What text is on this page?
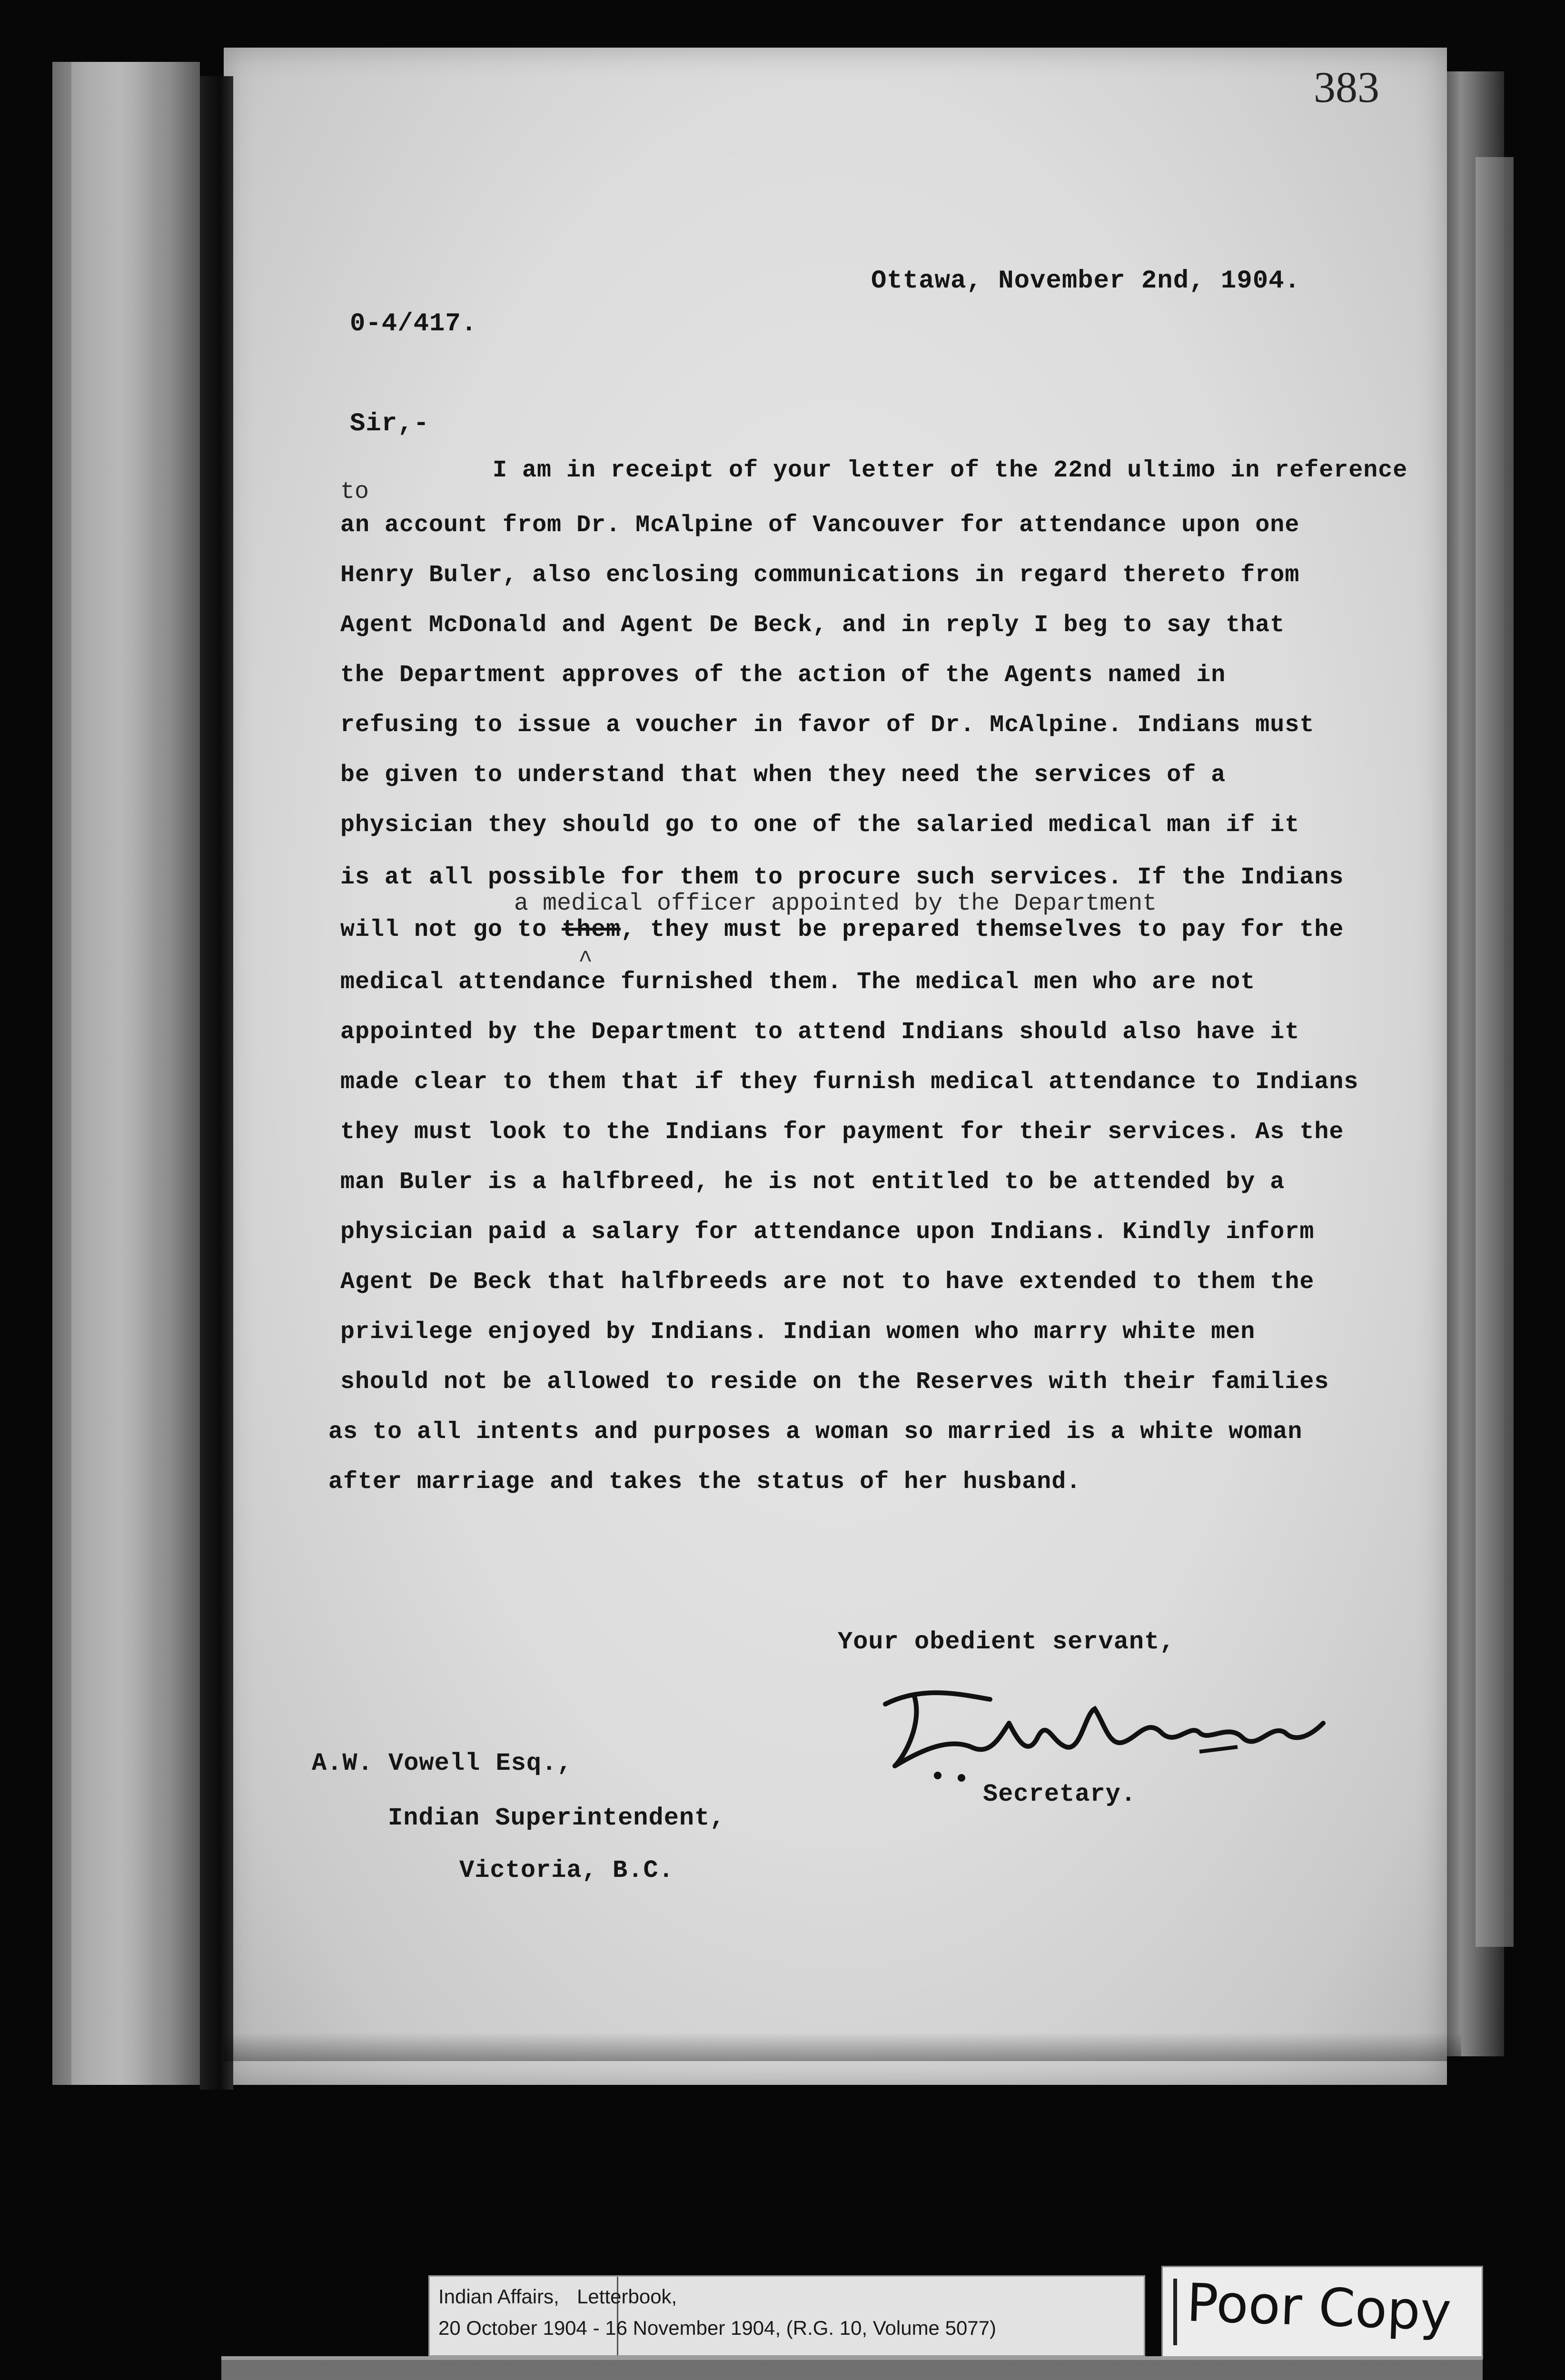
383
Ottawa, November 2nd, 1904.
0-4/417.
Sir,-
I am in receipt of your letter of the 22nd ultimo in reference
to
an account from Dr. McAlpine of Vancouver for attendance upon one
Henry Buler, also enclosing communications in regard thereto from
Agent McDonald and Agent De Beck, and in reply I beg to say that
the Department approves of the action of the Agents named in
refusing to issue a voucher in favor of Dr. McAlpine. Indians must
be given to understand that when they need the services of a
physician they should go to one of the salaried medical man if it
is at all possible for them to procure such services. If the Indians
a medical officer appointed by the Department
will not go to them, they must be prepared themselves to pay for the
^
medical attendance furnished them. The medical men who are not
appointed by the Department to attend Indians should also have it
made clear to them that if they furnish medical attendance to Indians
they must look to the Indians for payment for their services. As the
man Buler is a halfbreed, he is not entitled to be attended by a
physician paid a salary for attendance upon Indians. Kindly inform
Agent De Beck that halfbreeds are not to have extended to them the
privilege enjoyed by Indians. Indian women who marry white men
should not be allowed to reside on the Reserves with their families
as to all intents and purposes a woman so married is a white woman
after marriage and takes the status of her husband.
Your obedient servant,
Secretary.
A.W. Vowell Esq.,
Indian Superintendent,
Victoria, B.C.
Indian Affairs, Letterbook,
20 October 1904 - 16 November 1904, (R.G. 10, Volume 5077)	Poor Copy
